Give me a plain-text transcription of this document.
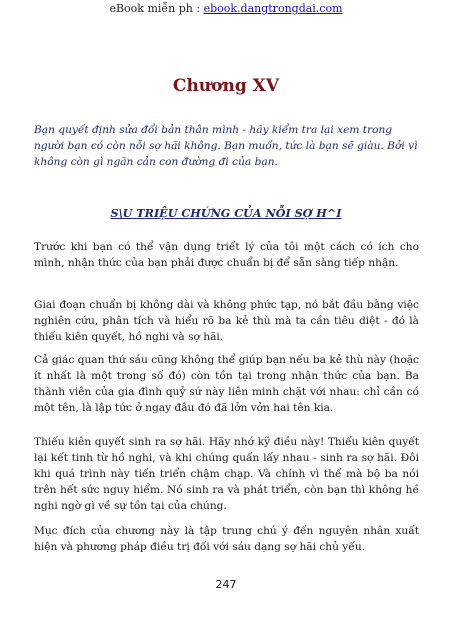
eBook miễn ph : ebook.dangtrongdai.com
Chương XV
Bạn quyết định sửa đổi bản thân mình - hãy kiểm tra lại xem trong người bạn có còn nỗi sợ hãi không. Bạn muốn, tức là bạn sẽ giàu. Bởi vì không còn gì ngăn cản con đường đi của bạn.
S\U TRIỆU CHỨNG CỦA NỖI SỢ H^I
Trước khi bạn có thể vận dụng triết lý của tôi một cách có ích cho mình, nhận thức của bạn phải được chuẩn bị để sẵn sàng tiếp nhận.
Giai đoạn chuẩn bị không dài và không phức tạp, nó bắt đầu bằng việc nghiên cứu, phân tích và hiểu rõ ba kẻ thù mà ta cần tiêu diệt - đó là thiếu kiên quyết, hồ nghi và sợ hãi.
Cả giác quan thứ sáu cũng không thể giúp bạn nếu ba kẻ thù này (hoặc ít nhất là một trong số đó) còn tồn tại trong nhận thức của bạn. Ba thành viên của gia đình quỷ sứ này liên minh chặt với nhau: chỉ cần có một tên, là lập tức ở ngay đâu đó đã lởn vởn hai tên kia.
Thiếu kiên quyết sinh ra sợ hãi. Hãy nhớ kỹ điều này! Thiếu kiên quyết lại kết tinh từ hồ nghi, và khi chúng quấn lấy nhau - sinh ra sợ hãi. Đôi khi quá trình này tiến triển chậm chạp. Và chính vì thế mà bộ ba nói trên hết sức nguy hiểm. Nó sinh ra và phát triển, còn bạn thì không hề nghi ngờ gì về sự tồn tại của chúng.
Mục đích của chương này là tập trung chú ý đến nguyên nhân xuất hiện và phương pháp điều trị đối với sáu dạng sợ hãi chủ yếu.
247
